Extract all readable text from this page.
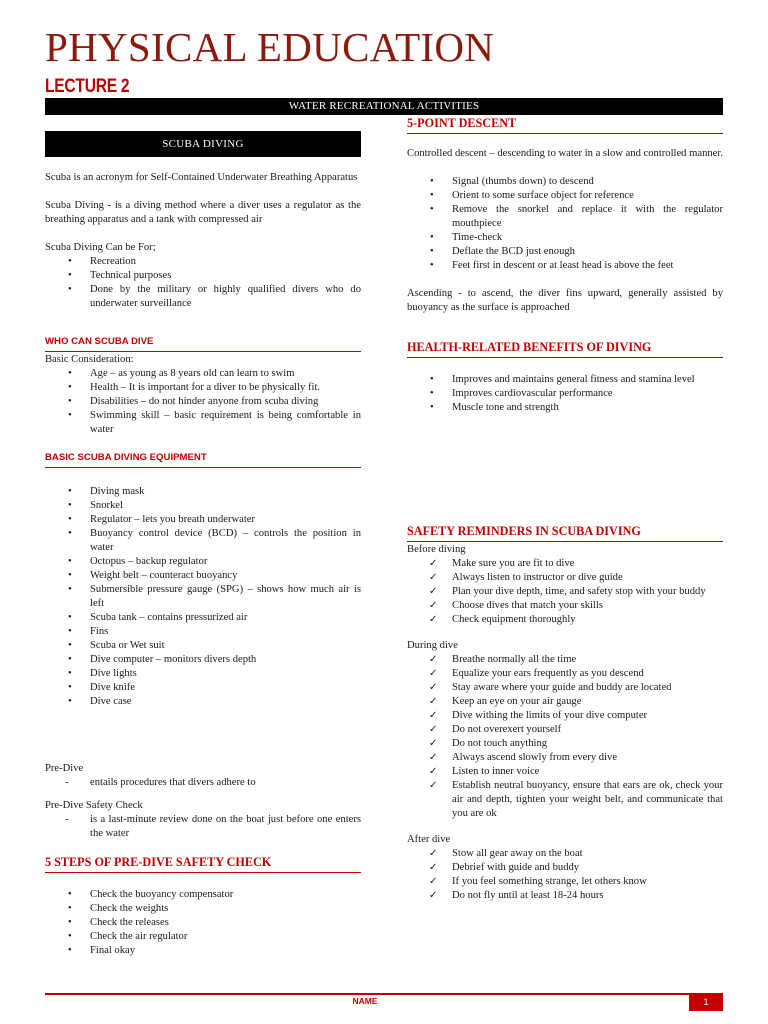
PHYSICAL EDUCATION
LECTURE 2
WATER RECREATIONAL ACTIVITIES
SCUBA DIVING

Scuba is an acronym for Self-Contained Underwater Breathing Apparatus

Scuba Diving - is a diving method where a diver uses a regulator as the breathing apparatus and a tank with compressed air

Scuba Diving Can be For;

• Recreation
• Technical purposes
• Done by the military or highly qualified divers who do underwater surveillance

WHO CAN SCUBA DIVE

Basic Consideration:

• Age – as young as 8 years old can learn to swim
• Health – It is important for a diver to be physically fit.
• Disabilities – do not hinder anyone from scuba diving
• Swimming skill – basic requirement is being comfortable in water

BASIC SCUBA DIVING EQUIPMENT

• Diving mask
• Snorkel
• Regulator – lets you breath underwater
• Buoyancy control device (BCD) – controls the position in water
• Octopus – backup regulator
• Weight belt – counteract buoyancy
• Submersible pressure gauge (SPG) – shows how much air is left
• Scuba tank – contains pressurized air
• Fins
• Scuba or Wet suit
• Dive computer – monitors divers depth
• Dive lights
• Dive knife
• Dive case

Pre-Dive

- entails procedures that divers adhere to

Pre-Dive Safety Check

- is a last-minute review done on the boat just before one enters the water

5 STEPS OF PRE-DIVE SAFETY CHECK

• Check the buoyancy compensator
• Check the weights
• Check the releases
• Check the air regulator
• Final okay

5-POINT DESCENT

Controlled descent – descending to water in a slow and controlled manner.

• Signal (thumbs down) to descend
• Orient to some surface object for reference
• Remove the snorkel and replace it with the regulator mouthpiece
• Time-check
• Deflate the BCD just enough
• Feet first in descent or at least head is above the feet

Ascending - to ascend, the diver fins upward, generally assisted by buoyancy as the surface is approached

HEALTH-RELATED BENEFITS OF DIVING

• Improves and maintains general fitness and stamina level
• Improves cardiovascular performance
• Muscle tone and strength

SAFETY REMINDERS IN SCUBA DIVING

Before diving

✓ Make sure you are fit to dive
✓ Always listen to instructor or dive guide
✓ Plan your dive depth, time, and safety stop with your buddy
✓ Choose dives that match your skills
✓ Check equipment thoroughly

During dive

✓ Breathe normally all the time
✓ Equalize your ears frequently as you descend
✓ Stay aware where your guide and buddy are located
✓ Keep an eye on your air gauge
✓ Dive withing the limits of your dive computer
✓ Do not overexert yourself
✓ Do not touch anything
✓ Always ascend slowly from every dive
✓ Listen to inner voice
✓ Establish neutral buoyancy, ensure that ears are ok, check your air and depth, tighten your weight belt, and communicate that you are ok

After dive

✓ Stow all gear away on the boat
✓ Debrief with guide and buddy
✓ If you feel something strange, let others know
✓ Do not fly until at least 18-24 hours
NAME	1
